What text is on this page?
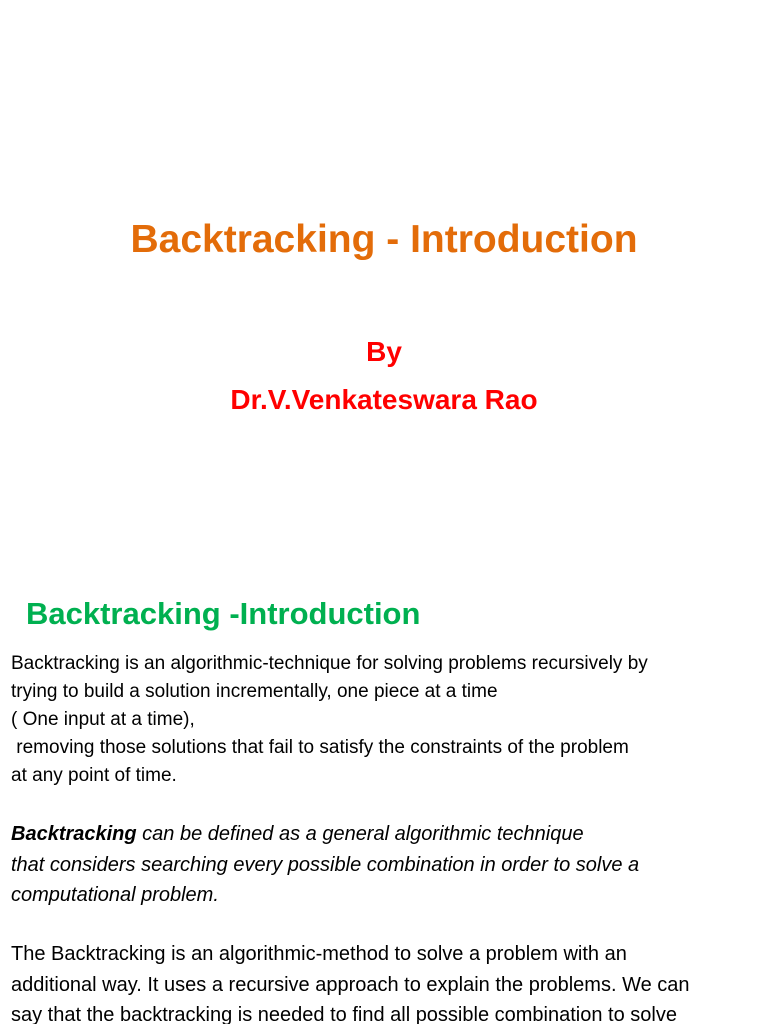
Backtracking - Introduction
By
Dr.V.Venkateswara Rao
Backtracking -Introduction

Backtracking is an algorithmic-technique for solving problems recursively by
trying to build a solution incrementally, one piece at a time
( One input at a time),
removing those solutions that fail to satisfy the constraints of the problem
at any point of time.

Backtracking can be defined as a general algorithmic technique
that considers searching every possible combination in order to solve a
computational problem.

The Backtracking is an algorithmic-method to solve a problem with an
additional way. It uses a recursive approach to explain the problems. We can
say that the backtracking is needed to find all possible combination to solve
